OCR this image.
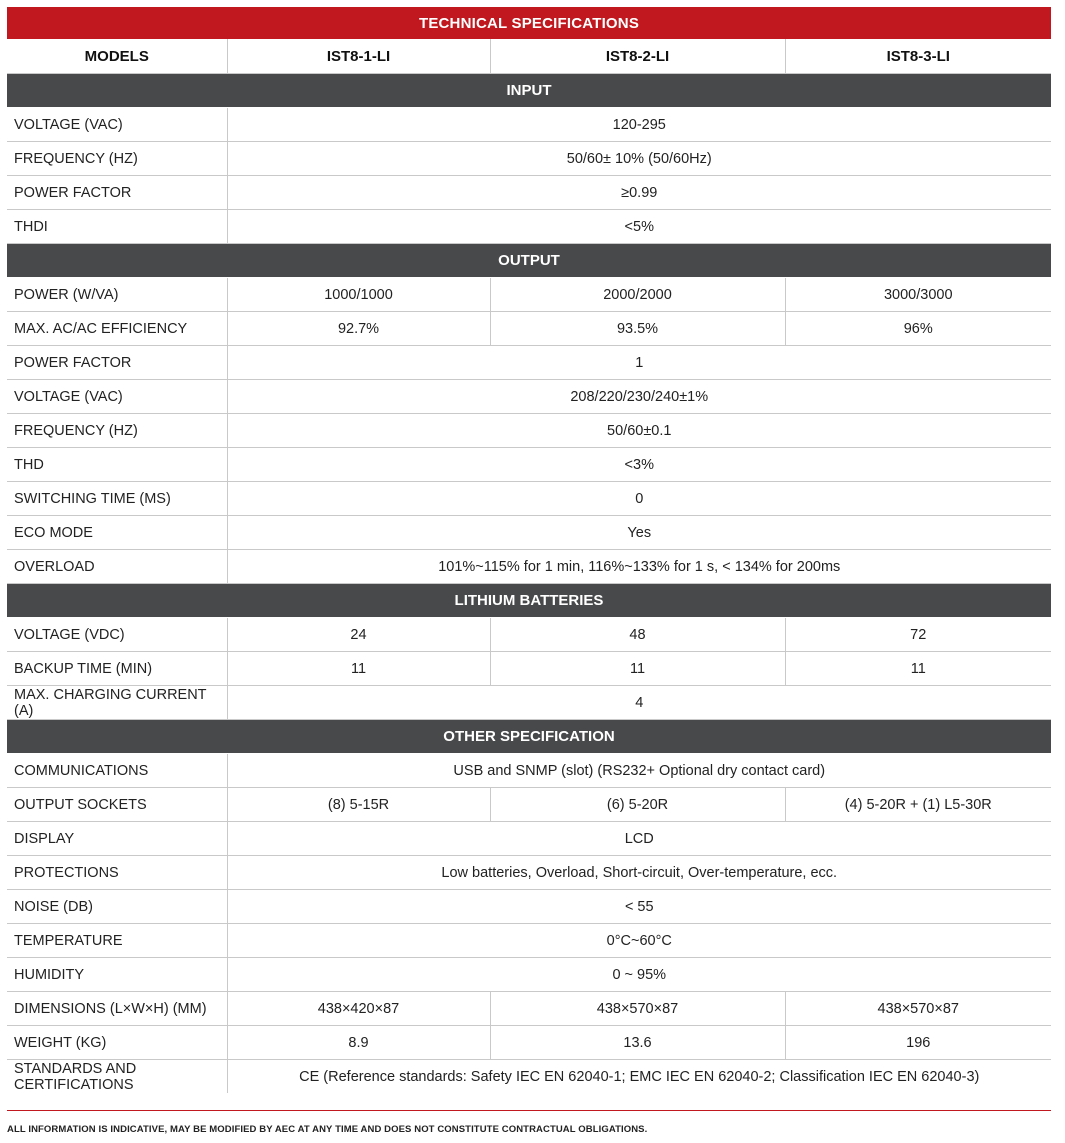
TECHNICAL SPECIFICATIONS
MODELS	IST8-1-LI	IST8-2-LI	IST8-3-LI
INPUT			
VOLTAGE (VAC)	120-295		
FREQUENCY (HZ)	50/60± 10% (50/60Hz)		
POWER FACTOR	≥0.99		
THDI	<5%		
OUTPUT			
POWER (W/VA)	1000/1000	2000/2000	3000/3000
MAX. AC/AC EFFICIENCY	92.7%	93.5%	96%
POWER FACTOR	1		
VOLTAGE (VAC)	208/220/230/240±1%		
FREQUENCY (HZ)	50/60±0.1		
THD	<3%		
SWITCHING TIME (MS)	0		
ECO MODE	Yes		
OVERLOAD	101%~115% for 1 min, 116%~133% for 1 s, < 134% for 200ms		
LITHIUM BATTERIES			
VOLTAGE (VDC)	24	48	72
BACKUP TIME (MIN)	11	11	11
MAX. CHARGING CURRENT (A)	4		
OTHER SPECIFICATION			
COMMUNICATIONS	USB and SNMP (slot) (RS232+ Optional dry contact card)		
OUTPUT SOCKETS	(8) 5-15R	(6) 5-20R	(4) 5-20R + (1) L5-30R
DISPLAY	LCD		
PROTECTIONS	Low batteries, Overload, Short-circuit, Over-temperature, ecc.		
NOISE (DB)	< 55		
TEMPERATURE	0°C~60°C		
HUMIDITY	0 ~ 95%		
DIMENSIONS (L×W×H) (MM)	438×420×87	438×570×87	438×570×87
WEIGHT (KG)	8.9	13.6	196
STANDARDS AND CERTIFICATIONS	CE (Reference standards: Safety IEC EN 62040-1; EMC IEC EN 62040-2; Classification IEC EN 62040-3)		
ALL INFORMATION IS INDICATIVE, MAY BE MODIFIED BY AEC AT ANY TIME AND DOES NOT CONSTITUTE CONTRACTUAL OBLIGATIONS.
